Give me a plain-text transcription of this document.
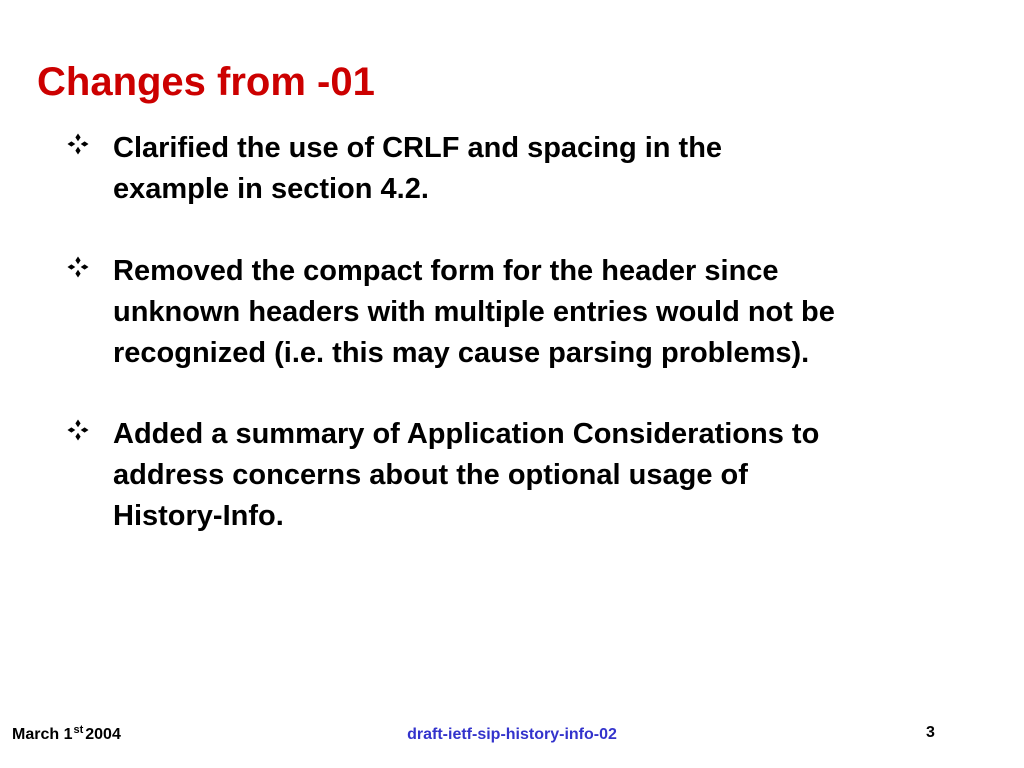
Changes from -01
Clarified the use of CRLF and spacing in the
example in section 4.2.
Removed the compact form for the header since
unknown headers with multiple entries would not be
recognized (i.e. this may cause parsing problems).
Added a summary of Application Considerations to
address concerns about the optional usage of
History-Info.
March 1st 2004	draft-ietf-sip-history-info-02	3
